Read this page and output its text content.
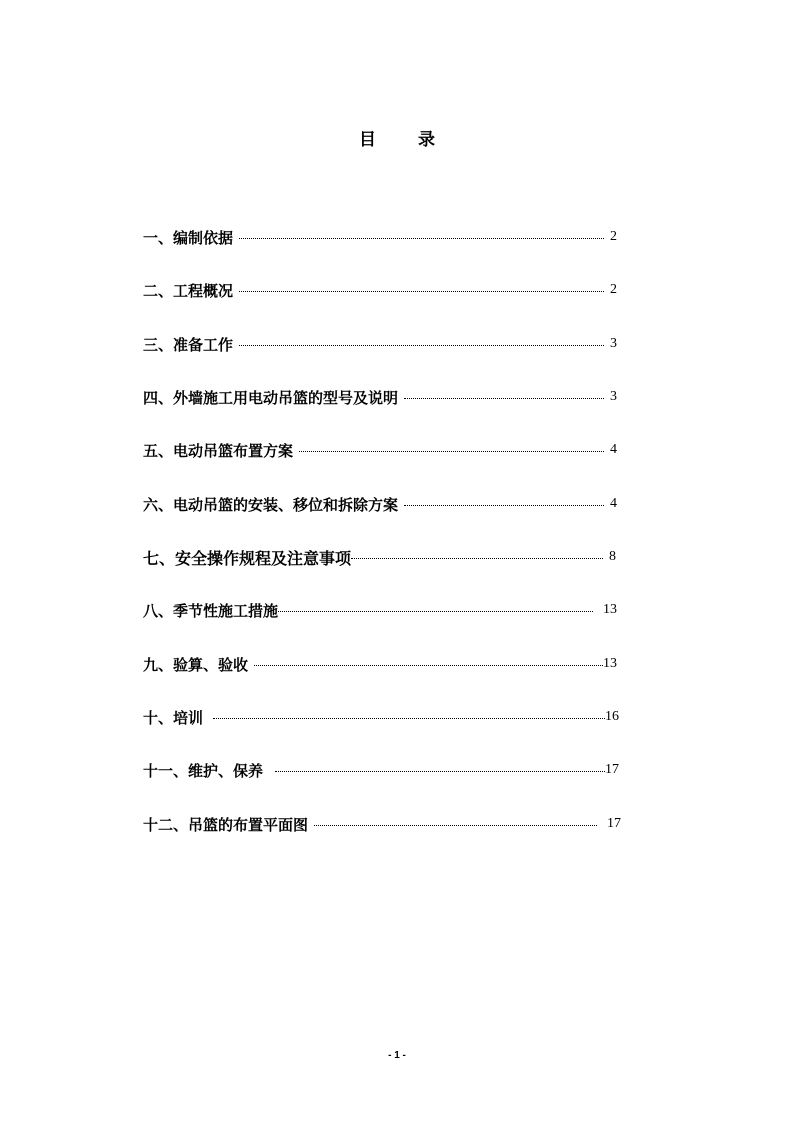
目 录
一、编制依据	2
二、工程概况	2
三、准备工作	3
四、外墙施工用电动吊篮的型号及说明	3
五、电动吊篮布置方案	4
六、电动吊篮的安装、移位和拆除方案	4
七、安全操作规程及注意事项	8
八、季节性施工措施	13
九、验算、验收	13
十、培训	16
十一、维护、保养	17
十二、吊篮的布置平面图	17
- 1 -
